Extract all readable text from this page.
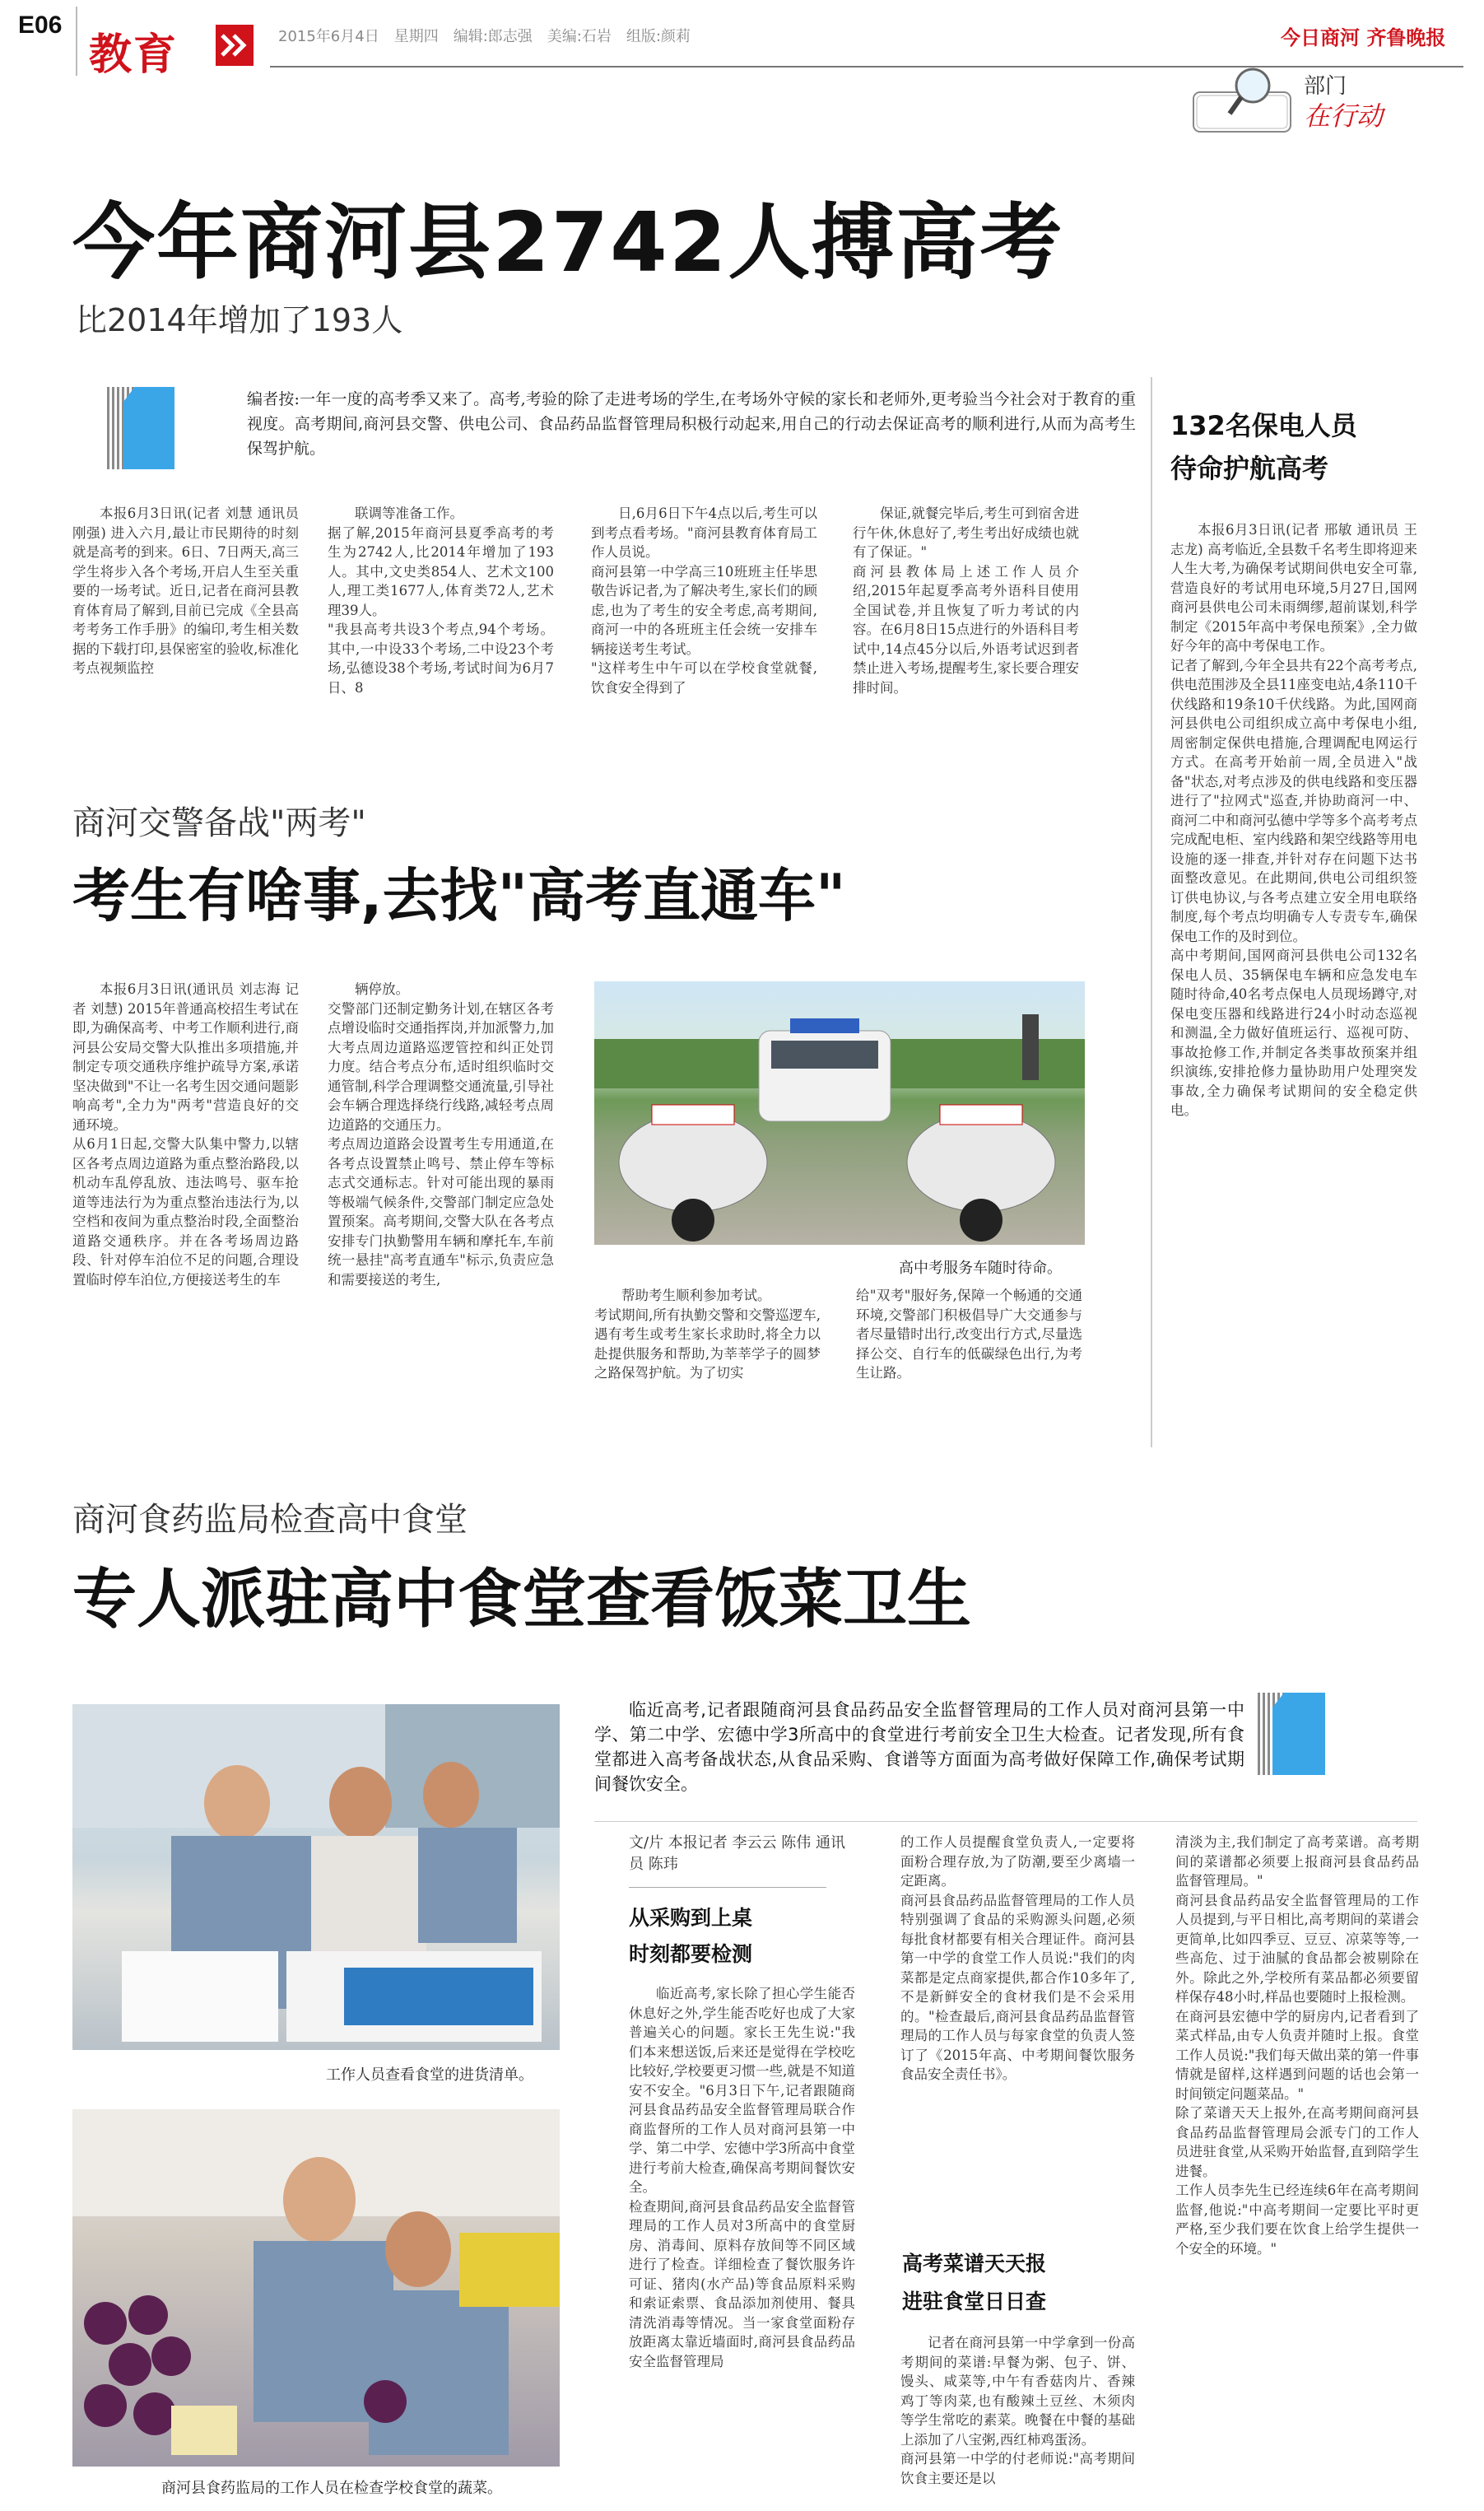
E06
教育	2015年6月4日　星期四　编辑:郎志强　美编:石岩　组版:颜莉	今日商河 齐鲁晚报
部门
在行动
今年商河县2742人搏高考
比2014年增加了193人
编者按:一年一度的高考季又来了。高考,考验的除了走进考场的学生,在考场外守候的家长和老师外,更考验当今社会对于教育的重视度。高考期间,商河县交警、供电公司、食品药品监督管理局积极行动起来,用自己的行动去保证高考的顺利进行,从而为高考生保驾护航。

本报6月3日讯(记者 刘慧 通讯员 刚强) 进入六月,最让市民期待的时刻就是高考的到来。6日、7日两天,高三学生将步入各个考场,开启人生至关重要的一场考试。近日,记者在商河县教育体育局了解到,目前已完成《全县高考考务工作手册》的编印,考生相关数据的下载打印,县保密室的验收,标准化考点视频监控

联调等准备工作。
据了解,2015年商河县夏季高考的考生为2742人,比2014年增加了193人。其中,文史类854人、艺术文100人,理工类1677人,体育类72人,艺术理39人。
"我县高考共设3个考点,94个考场。其中,一中设33个考场,二中设23个考场,弘德设38个考场,考试时间为6月7日、8
日,6月6日下午4点以后,考生可以到考点看考场。"商河县教育体育局工作人员说。
商河县第一中学高三10班班主任毕思敬告诉记者,为了解决考生,家长们的顾虑,也为了考生的安全考虑,高考期间,商河一中的各班班主任会统一安排车辆接送考生考试。
"这样考生中午可以在学校食堂就餐,饮食安全得到了
保证,就餐完毕后,考生可到宿舍进行午休,休息好了,考生考出好成绩也就有了保证。"
商河县教体局上述工作人员介绍,2015年起夏季高考外语科目使用全国试卷,并且恢复了听力考试的内容。在6月8日15点进行的外语科目考试中,14点45分以后,外语考试迟到者禁止进入考场,提醒考生,家长要合理安排时间。
132名保电人员
待命护航高考
本报6月3日讯(记者 邢敏 通讯员 王志龙) 高考临近,全县数千名考生即将迎来人生大考,为确保考试期间供电安全可靠,营造良好的考试用电环境,5月27日,国网商河县供电公司未雨绸缪,超前谋划,科学制定《2015年高中考保电预案》,全力做好今年的高中考保电工作。
记者了解到,今年全县共有22个高考考点,供电范围涉及全县11座变电站,4条110千伏线路和19条10千伏线路。为此,国网商河县供电公司组织成立高中考保电小组,周密制定保供电措施,合理调配电网运行方式。在高考开始前一周,全员进入"战备"状态,对考点涉及的供电线路和变压器进行了"拉网式"巡查,并协助商河一中、商河二中和商河弘德中学等多个高考考点完成配电柜、室内线路和架空线路等用电设施的逐一排查,并针对存在问题下达书面整改意见。在此期间,供电公司组织签订供电协议,与各考点建立安全用电联络制度,每个考点均明确专人专责专车,确保保电工作的及时到位。
高中考期间,国网商河县供电公司132名保电人员、35辆保电车辆和应急发电车随时待命,40名考点保电人员现场蹲守,对保电变压器和线路进行24小时动态巡视和测温,全力做好值班运行、巡视可防、事故抢修工作,并制定各类事故预案并组织演练,安排抢修力量协助用户处理突发事故,全力确保考试期间的安全稳定供电。
商河交警备战"两考"
考生有啥事,去找"高考直通车"
本报6月3日讯(通讯员 刘志海 记者 刘慧) 2015年普通高校招生考试在即,为确保高考、中考工作顺利进行,商河县公安局交警大队推出多项措施,并制定专项交通秩序维护疏导方案,承诺坚决做到"不让一名考生因交通问题影响高考",全力为"两考"营造良好的交通环境。
从6月1日起,交警大队集中警力,以辖区各考点周边道路为重点整治路段,以机动车乱停乱放、违法鸣号、驱车抢道等违法行为为重点整治违法行为,以空档和夜间为重点整治时段,全面整治道路交通秩序。并在各考场周边路段、针对停车泊位不足的问题,合理设置临时停车泊位,方便接送考生的车
辆停放。
交警部门还制定勤务计划,在辖区各考点增设临时交通指挥岗,并加派警力,加大考点周边道路巡逻管控和纠正处罚力度。结合考点分布,适时组织临时交通管制,科学合理调整交通流量,引导社会车辆合理选择绕行线路,减轻考点周边道路的交通压力。
考点周边道路会设置考生专用通道,在各考点设置禁止鸣号、禁止停车等标志式交通标志。针对可能出现的暴雨等极端气候条件,交警部门制定应急处置预案。高考期间,交警大队在各考点安排专门执勤警用车辆和摩托车,车前统一悬挂"高考直通车"标示,负责应急和需要接送的考生,
高中考服务车随时待命。
帮助考生顺利参加考试。
考试期间,所有执勤交警和交警巡逻车,遇有考生或考生家长求助时,将全力以赴提供服务和帮助,为莘莘学子的圆梦之路保驾护航。为了切实
给"双考"服好务,保障一个畅通的交通环境,交警部门积极倡导广大交通参与者尽量错时出行,改变出行方式,尽量选择公交、自行车的低碳绿色出行,为考生让路。
商河食药监局检查高中食堂
专人派驻高中食堂查看饭菜卫生
工作人员查看食堂的进货清单。
商河县食药监局的工作人员在检查学校食堂的蔬菜。
临近高考,记者跟随商河县食品药品安全监督管理局的工作人员对商河县第一中学、第二中学、宏德中学3所高中的食堂进行考前安全卫生大检查。记者发现,所有食堂都进入高考备战状态,从食品采购、食谱等方面面为高考做好保障工作,确保考试期间餐饮安全。
文/片 本报记者 李云云 陈伟 通讯员 陈玮
从采购到上桌
时刻都要检测
临近高考,家长除了担心学生能否休息好之外,学生能否吃好也成了大家普遍关心的问题。家长王先生说:"我们本来想送饭,后来还是觉得在学校吃比较好,学校要更习惯一些,就是不知道安不安全。"6月3日下午,记者跟随商河县食品药品安全监督管理局联合作商监督所的工作人员对商河县第一中学、第二中学、宏德中学3所高中食堂进行考前大检查,确保高考期间餐饮安全。
检查期间,商河县食品药品安全监督管理局的工作人员对3所高中的食堂厨房、消毒间、原料存放间等不同区域进行了检查。详细检查了餐饮服务许可证、猪肉(水产品)等食品原料采购和索证索票、食品添加剂使用、餐具清洗消毒等情况。当一家食堂面粉存放距离太靠近墙面时,商河县食品药品安全监督管理局
的工作人员提醒食堂负责人,一定要将面粉合理存放,为了防潮,要至少离墙一定距离。
商河县食品药品监督管理局的工作人员特别强调了食品的采购源头问题,必须每批食材都要有相关合理证件。商河县第一中学的食堂工作人员说:"我们的肉菜都是定点商家提供,都合作10多年了,不是新鲜安全的食材我们是不会采用的。"检查最后,商河县食品药品监督管理局的工作人员与每家食堂的负责人签订了《2015年高、中考期间餐饮服务食品安全责任书》。
高考菜谱天天报
进驻食堂日日查
记者在商河县第一中学拿到一份高考期间的菜谱:早餐为粥、包子、饼、馒头、咸菜等,中午有香菇肉片、香辣鸡丁等肉菜,也有酸辣土豆丝、木须肉等学生常吃的素菜。晚餐在中餐的基础上添加了八宝粥,西红柿鸡蛋汤。
商河县第一中学的付老师说:"高考期间饮食主要还是以
清淡为主,我们制定了高考菜谱。高考期间的菜谱都必须要上报商河县食品药品监督管理局。"
商河县食品药品安全监督管理局的工作人员提到,与平日相比,高考期间的菜谱会更简单,比如四季豆、豆豆、凉菜等等,一些高危、过于油腻的食品都会被剔除在外。除此之外,学校所有菜品都必须要留样保存48小时,样品也要随时上报检测。
在商河县宏德中学的厨房内,记者看到了菜式样品,由专人负责并随时上报。食堂工作人员说:"我们每天做出菜的第一件事情就是留样,这样遇到问题的话也会第一时间锁定问题菜品。"
除了菜谱天天上报外,在高考期间商河县食品药品监督管理局会派专门的工作人员进驻食堂,从采购开始监督,直到陪学生进餐。
工作人员李先生已经连续6年在高考期间监督,他说:"中高考期间一定要比平时更严格,至少我们要在饮食上给学生提供一个安全的环境。"
